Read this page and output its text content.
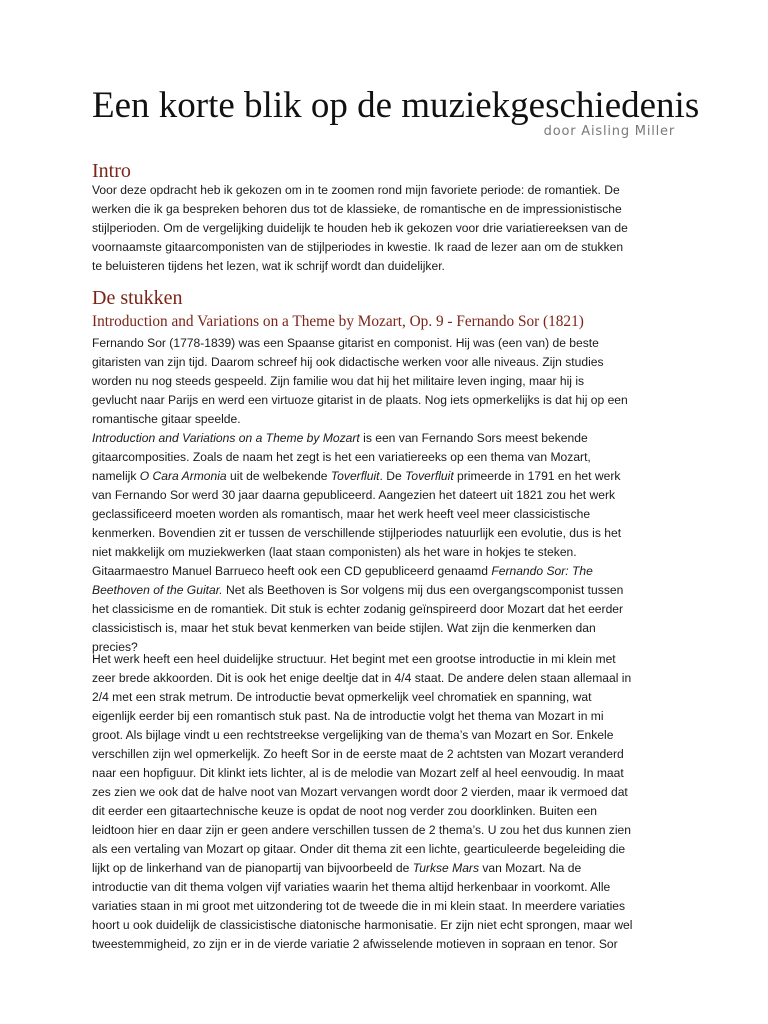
Een korte blik op de muziekgeschiedenis
door Aisling Miller
Intro
Voor deze opdracht heb ik gekozen om in te zoomen rond mijn favoriete periode: de romantiek. De
werken die ik ga bespreken behoren dus tot de klassieke, de romantische en de impressionistische
stijlperioden. Om de vergelijking duidelijk te houden heb ik gekozen voor drie variatiereeksen van de
voornaamste gitaarcomponisten van de stijlperiodes in kwestie. Ik raad de lezer aan om de stukken
te beluisteren tijdens het lezen, wat ik schrijf wordt dan duidelijker.
De stukken
Introduction and Variations on a Theme by Mozart, Op. 9 - Fernando Sor (1821)
Fernando Sor (1778-1839) was een Spaanse gitarist en componist. Hij was (een van) de beste
gitaristen van zijn tijd. Daarom schreef hij ook didactische werken voor alle niveaus. Zijn studies
worden nu nog steeds gespeeld. Zijn familie wou dat hij het militaire leven inging, maar hij is
gevlucht naar Parijs en werd een virtuoze gitarist in de plaats. Nog iets opmerkelijks is dat hij op een
romantische gitaar speelde.
Introduction and Variations on a Theme by Mozart is een van Fernando Sors meest bekende
gitaarcomposities. Zoals de naam het zegt is het een variatiereeks op een thema van Mozart,
namelijk O Cara Armonia uit de welbekende Toverfluit. De Toverfluit primeerde in 1791 en het werk
van Fernando Sor werd 30 jaar daarna gepubliceerd. Aangezien het dateert uit 1821 zou het werk
geclassificeerd moeten worden als romantisch, maar het werk heeft veel meer classicistische
kenmerken. Bovendien zit er tussen de verschillende stijlperiodes natuurlijk een evolutie, dus is het
niet makkelijk om muziekwerken (laat staan componisten) als het ware in hokjes te steken.
Gitaarmaestro Manuel Barrueco heeft ook een CD gepubliceerd genaamd Fernando Sor: The
Beethoven of the Guitar. Net als Beethoven is Sor volgens mij dus een overgangscomponist tussen
het classicisme en de romantiek. Dit stuk is echter zodanig geïnspireerd door Mozart dat het eerder
classicistisch is, maar het stuk bevat kenmerken van beide stijlen. Wat zijn die kenmerken dan
precies?
Het werk heeft een heel duidelijke structuur. Het begint met een grootse introductie in mi klein met
zeer brede akkoorden. Dit is ook het enige deeltje dat in 4/4 staat. De andere delen staan allemaal in
2/4 met een strak metrum. De introductie bevat opmerkelijk veel chromatiek en spanning, wat
eigenlijk eerder bij een romantisch stuk past. Na de introductie volgt het thema van Mozart in mi
groot. Als bijlage vindt u een rechtstreekse vergelijking van de thema’s van Mozart en Sor. Enkele
verschillen zijn wel opmerkelijk. Zo heeft Sor in de eerste maat de 2 achtsten van Mozart veranderd
naar een hopfiguur. Dit klinkt iets lichter, al is de melodie van Mozart zelf al heel eenvoudig. In maat
zes zien we ook dat de halve noot van Mozart vervangen wordt door 2 vierden, maar ik vermoed dat
dit eerder een gitaartechnische keuze is opdat de noot nog verder zou doorklinken. Buiten een
leidtoon hier en daar zijn er geen andere verschillen tussen de 2 thema’s. U zou het dus kunnen zien
als een vertaling van Mozart op gitaar. Onder dit thema zit een lichte, gearticuleerde begeleiding die
lijkt op de linkerhand van de pianopartij van bijvoorbeeld de Turkse Mars van Mozart. Na de
introductie van dit thema volgen vijf variaties waarin het thema altijd herkenbaar in voorkomt. Alle
variaties staan in mi groot met uitzondering tot de tweede die in mi klein staat. In meerdere variaties
hoort u ook duidelijk de classicistische diatonische harmonisatie. Er zijn niet echt sprongen, maar wel
tweestemmigheid, zo zijn er in de vierde variatie 2 afwisselende motieven in sopraan en tenor. Sor
